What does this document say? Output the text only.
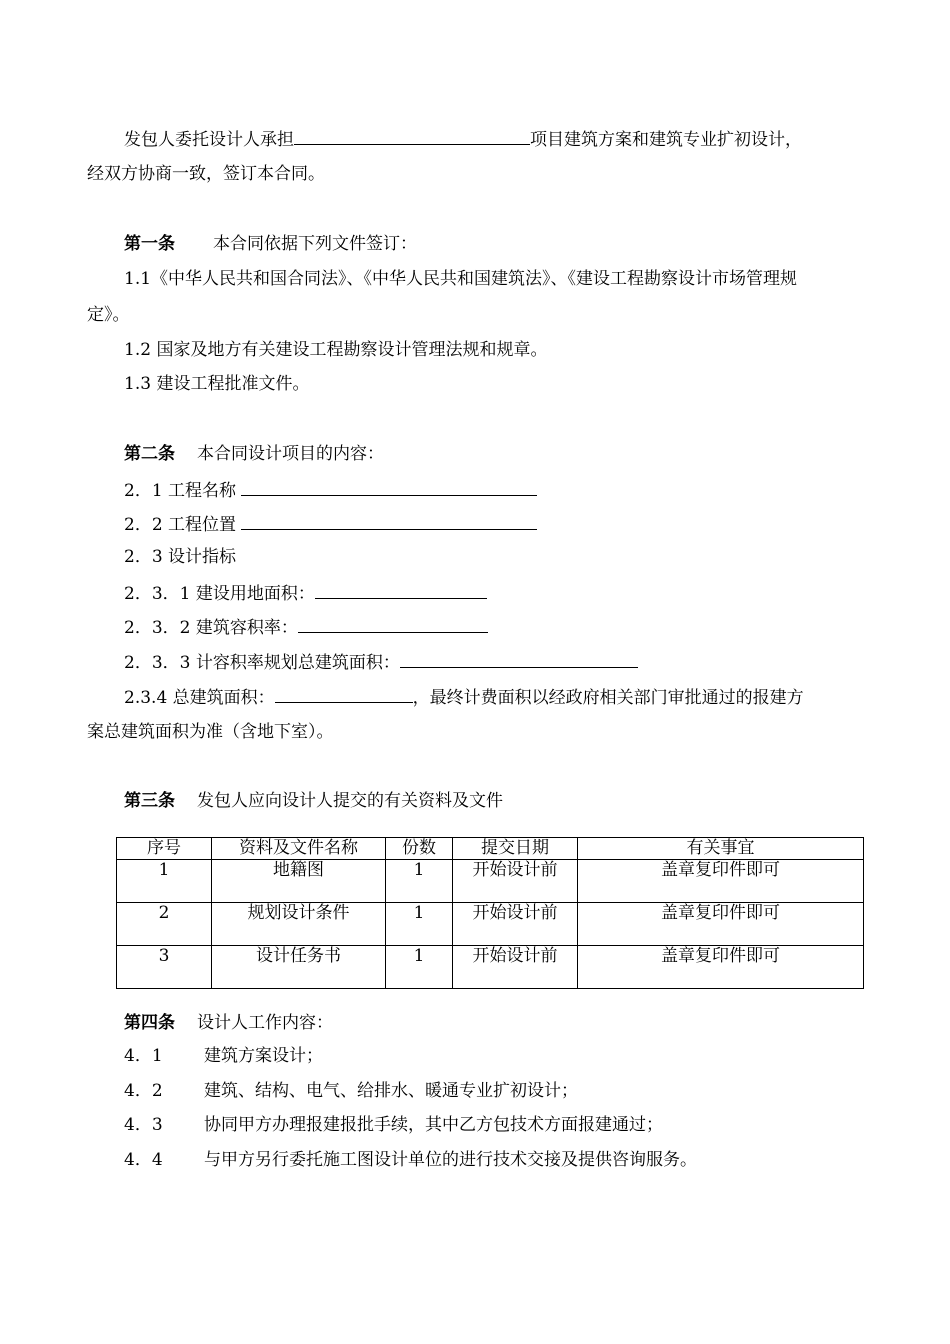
发包人委托设计人承担	项目建筑方案和建筑专业扩初设计，
经双方协商一致，签订本合同。
第一条 本合同依据下列文件签订：
1.1《中华人民共和国合同法》、《中华人民共和国建筑法》、《建设工程勘察设计市场管理规
定》。
1.2 国家及地方有关建设工程勘察设计管理法规和规章。
1.3 建设工程批准文件。
第二条 本合同设计项目的内容：
2．1 工程名称
2．2 工程位置
2．3 设计指标
2．3．1 建设用地面积：
2．3．2 建筑容积率：
2．3．3 计容积率规划总建筑面积：
2.3.4 总建筑面积：	，最终计费面积以经政府相关部门审批通过的报建方
案总建筑面积为准（含地下室）。
第三条 发包人应向设计人提交的有关资料及文件
序号	资料及文件名称	份数	提交日期	有关事宜
1	地籍图	1	开始设计前	盖章复印件即可
2	规划设计条件	1	开始设计前	盖章复印件即可
3	设计任务书	1	开始设计前	盖章复印件即可
第四条 设计人工作内容：
4．1 建筑方案设计；
4．2 建筑、结构、电气、给排水、暖通专业扩初设计；
4．3 协同甲方办理报建报批手续，其中乙方包技术方面报建通过；
4．4 与甲方另行委托施工图设计单位的进行技术交接及提供咨询服务。
